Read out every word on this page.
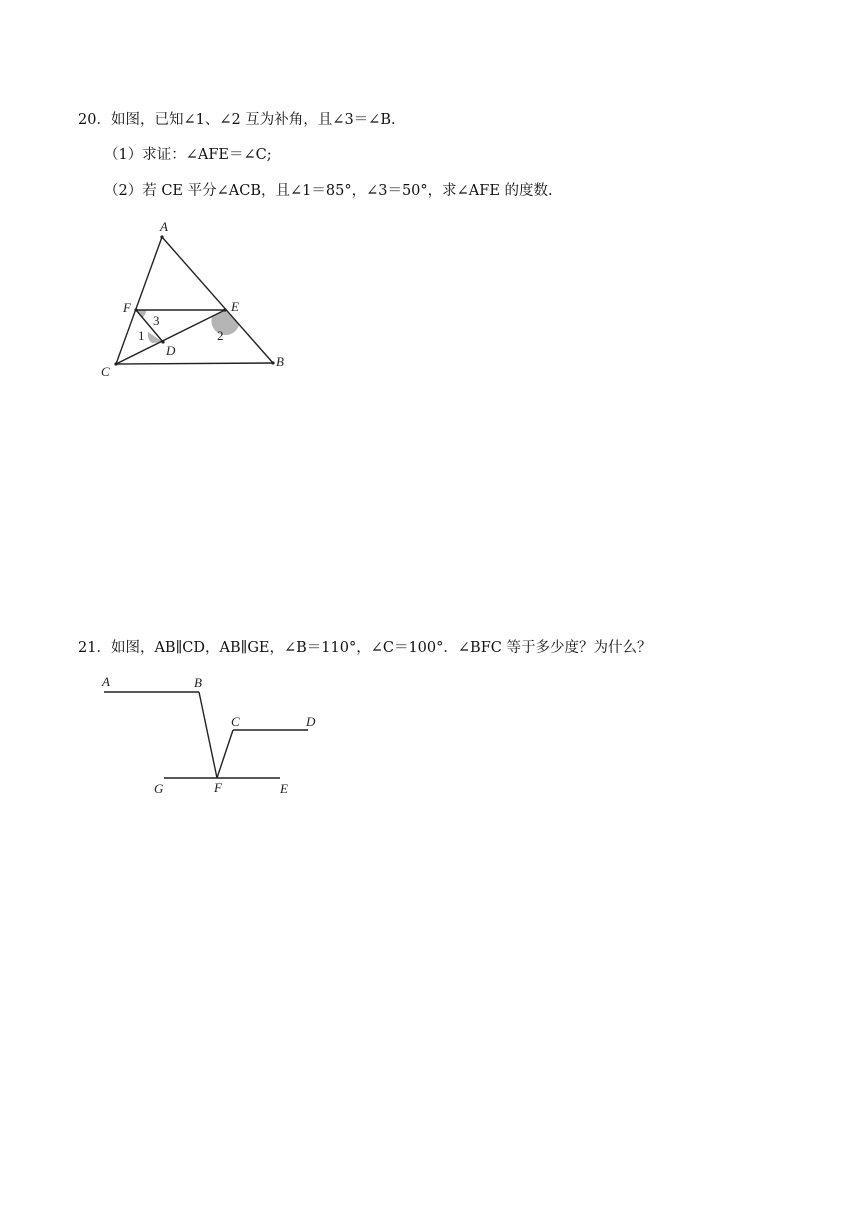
20．如图，已知∠1、∠2 互为补角，且∠3＝∠B.
（1）求证：∠AFE＝∠C;
（2）若 CE 平分∠ACB，且∠1＝85°，∠3＝50°，求∠AFE 的度数.
A
F	E
D
C
B
3
1	2
21．如图，AB∥CD，AB∥GE，∠B＝110°，∠C＝100°．∠BFC 等于多少度？为什么？
A	B
C	D
G	F	E
